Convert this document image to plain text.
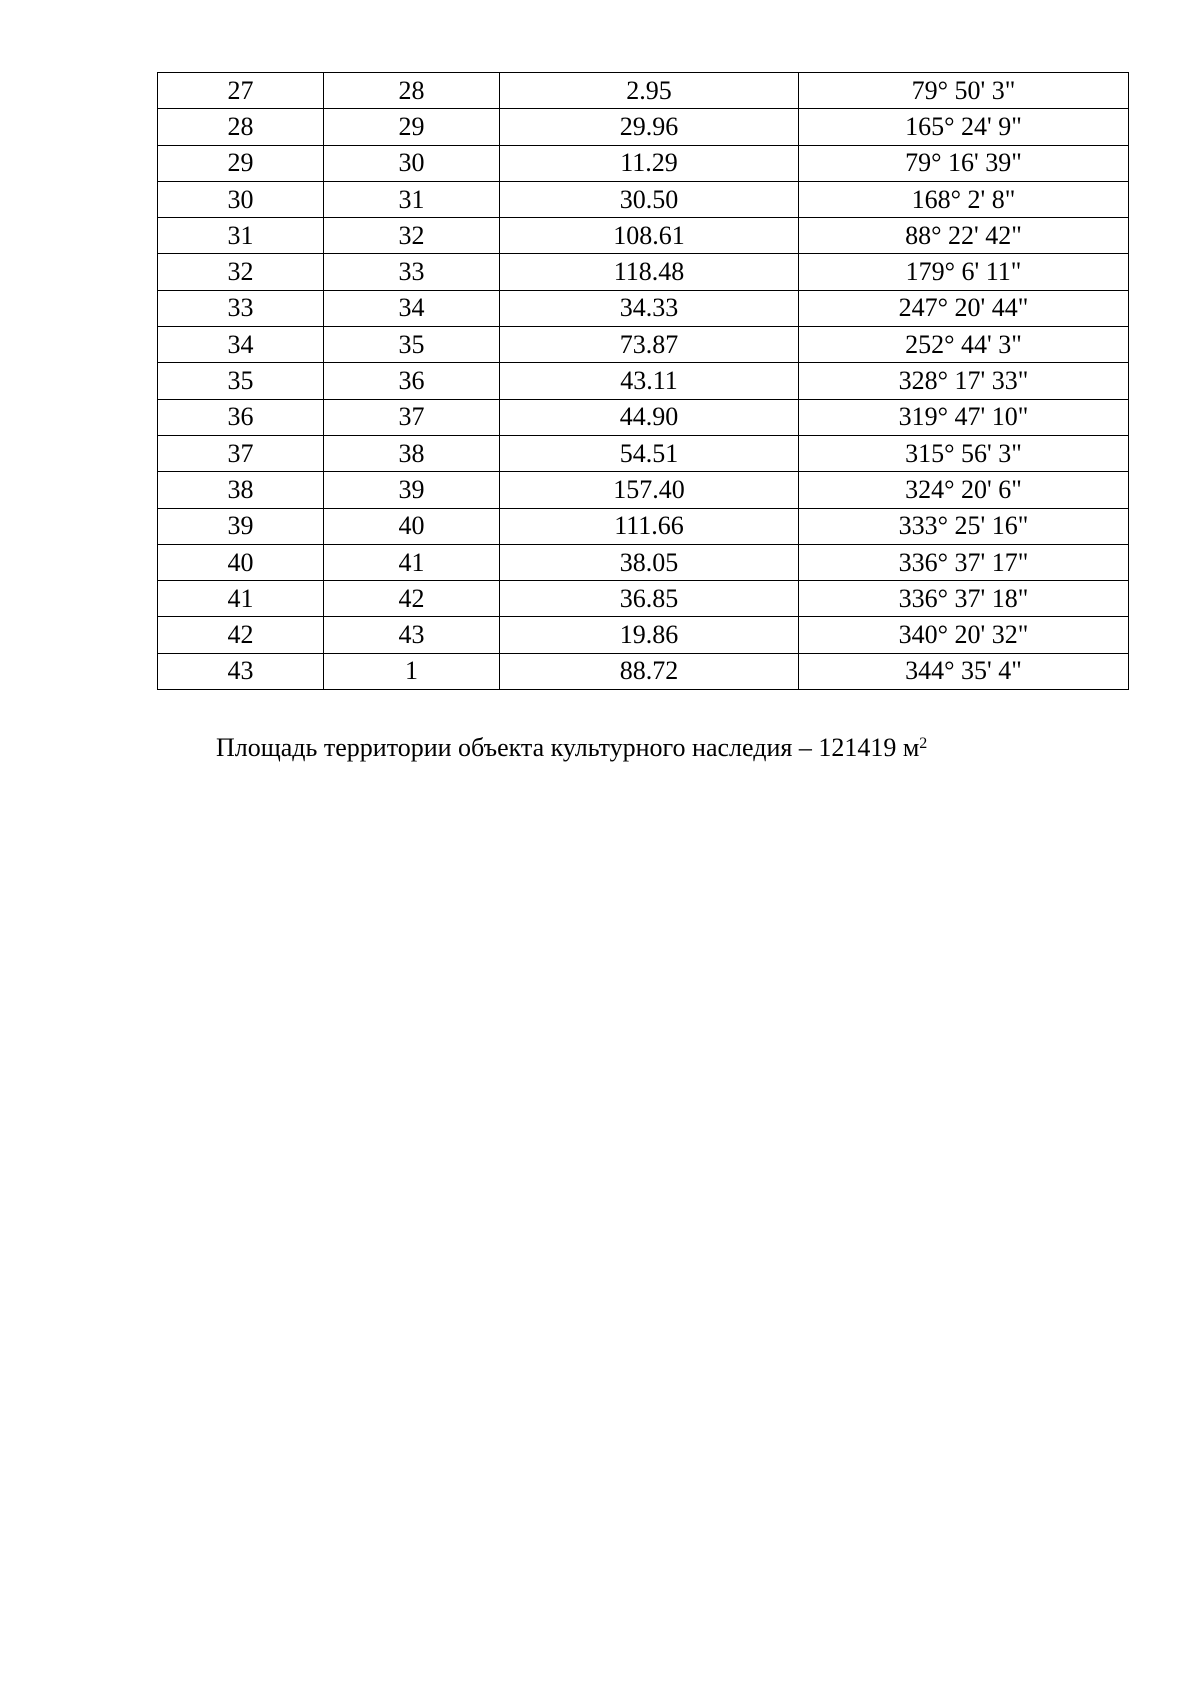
27	28	2.95	79° 50' 3"
28	29	29.96	165° 24' 9"
29	30	11.29	79° 16' 39"
30	31	30.50	168° 2' 8"
31	32	108.61	88° 22' 42"
32	33	118.48	179° 6' 11"
33	34	34.33	247° 20' 44"
34	35	73.87	252° 44' 3"
35	36	43.11	328° 17' 33"
36	37	44.90	319° 47' 10"
37	38	54.51	315° 56' 3"
38	39	157.40	324° 20' 6"
39	40	111.66	333° 25' 16"
40	41	38.05	336° 37' 17"
41	42	36.85	336° 37' 18"
42	43	19.86	340° 20' 32"
43	1	88.72	344° 35' 4"
Площадь территории объекта культурного наследия – 121419 $м^2$
